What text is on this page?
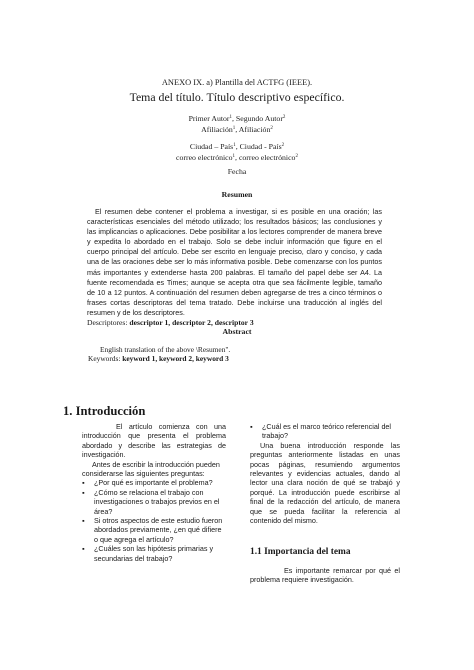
ANEXO IX. a) Plantilla del ACTFG (IEEE).
Tema del título. Título descriptivo específico.
Primer Autor$^1$, Segundo Autor$^2$
Afiliación$^1$, Afiliación$^2$
Ciudad – País$^1$, Ciudad - País$^2$
correo electrónico$^1$, correo electrónico$^2$
Fecha
Resumen

El resumen debe contener el problema a investigar, si es posible en una oración; las características esenciales del método utilizado; los resultados básicos; las conclusiones y las implicancias o aplicaciones. Debe posibilitar a los lectores comprender de manera breve y expedita lo abordado en el trabajo. Solo se debe incluir información que figure en el cuerpo principal del artículo. Debe ser escrito en lenguaje preciso, claro y conciso, y cada una de las oraciones debe ser lo más informativa posible. Debe comenzarse con los puntos más importantes y extenderse hasta 200 palabras. El tamaño del papel debe ser A4. La fuente recomendada es Times; aunque se acepta otra que sea fácilmente legible, tamaño de 10 a 12 puntos. A continuación del resumen deben agregarse de tres a cinco términos o frases cortas descriptoras del tema tratado. Debe incluirse una traducción al inglés del resumen y de los descriptores.

Descriptores: descriptor 1, descriptor 2, descriptor 3
Abstract
English translation of the above \Resumen".
Keywords: keyword 1, keyword 2, keyword 3
1. Introducción

El artículo comienza con una introducción que presenta el problema abordado y describe las estrategias de investigación.

Antes de escribir la introducción pueden considerarse las siguientes preguntas:

▪ ¿Por qué es importante el problema?
▪ ¿Cómo se relaciona el trabajo con investigaciones o trabajos previos en el área?
▪ Si otros aspectos de este estudio fueron abordados previamente, ¿en qué difiere o que agrega el artículo?
▪ ¿Cuáles son las hipótesis primarias y secundarias del trabajo?
▪ ¿Cuál es el marco teórico referencial del trabajo?

Una buena introducción responde las preguntas anteriormente listadas en unas pocas páginas, resumiendo argumentos relevantes y evidencias actuales, dando al lector una clara noción de qué se trabajó y porqué. La introducción puede escribirse al final de la redacción del artículo, de manera que se pueda facilitar la referencia al contenido del mismo.

1.1 Importancia del tema

Es importante remarcar por qué el problema requiere investigación.
